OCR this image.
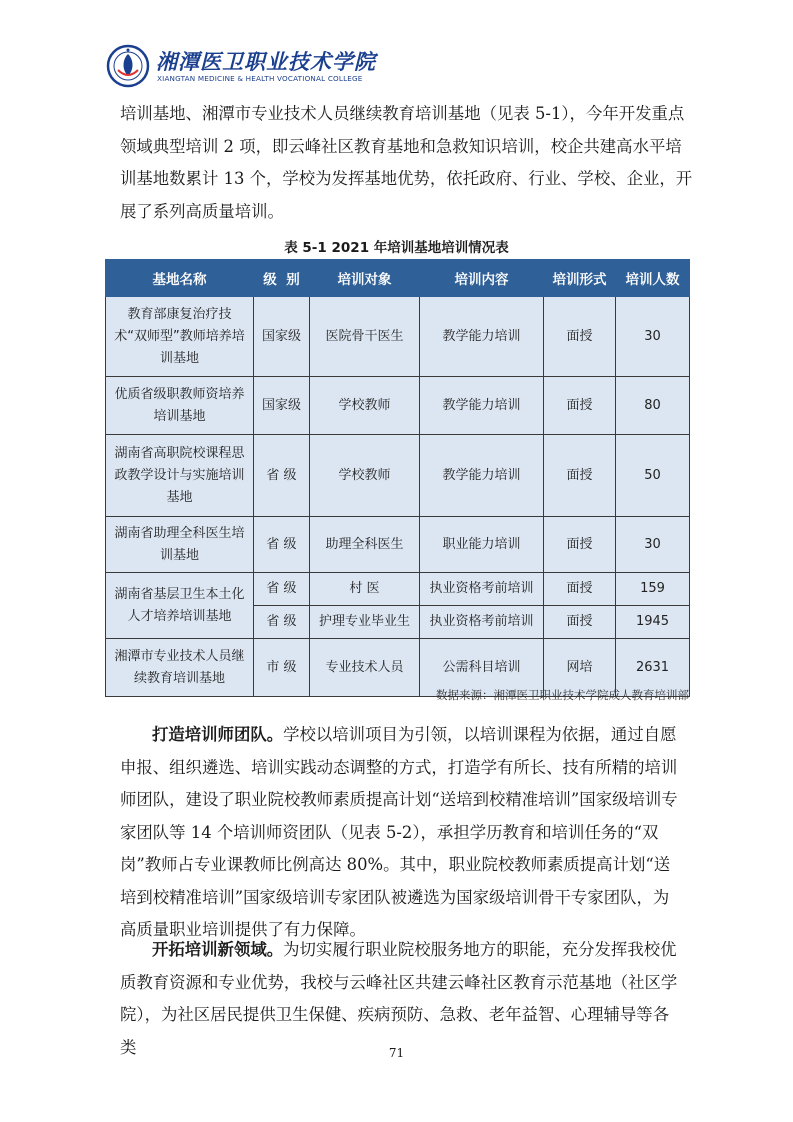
湘潭医卫职业技术学院
XIANGTAN MEDICINE & HEALTH VOCATIONAL COLLEGE

培训基地、湘潭市专业技术人员继续教育培训基地（见表 5-1），今年开发重点

领域典型培训 2 项，即云峰社区教育基地和急救知识培训，校企共建高水平培

训基地数累计 13 个，学校为发挥基地优势，依托政府、行业、学校、企业，开

展了系列高质量培训。

表 5-1 2021 年培训基地培训情况表
基地名称	级  别	培训对象	培训内容	培训形式	培训人数
教育部康复治疗技术“双师型”教师培养培训基地	国家级	医院骨干医生	教学能力培训	面授	30
优质省级职教师资培养培训基地	国家级	学校教师	教学能力培训	面授	80
湖南省高职院校课程思政教学设计与实施培训基地	省 级	学校教师	教学能力培训	面授	50
湖南省助理全科医生培训基地	省 级	助理全科医生	职业能力培训	面授	30
湖南省基层卫生本土化人才培养培训基地	省 级	村 医	执业资格考前培训	面授	159
	省 级	护理专业毕业生	执业资格考前培训	面授	1945
湘潭市专业技术人员继续教育培训基地	市 级	专业技术人员	公需科目培训	网培	2631
数据来源：湘潭医卫职业技术学院成人教育培训部

打造培训师团队。学校以培训项目为引领，以培训课程为依据，通过自愿申报、组织遴选、培训实践动态调整的方式，打造学有所长、技有所精的培训师团队，建设了职业院校教师素质提高计划“送培到校精准培训”国家级培训专家团队等 14 个培训师资团队（见表 5-2），承担学历教育和培训任务的“双岗”教师占专业课教师比例高达 80%。其中，职业院校教师素质提高计划“送培到校精准培训”国家级培训专家团队被遴选为国家级培训骨干专家团队，为高质量职业培训提供了有力保障。

开拓培训新领域。为切实履行职业院校服务地方的职能，充分发挥我校优质教育资源和专业优势，我校与云峰社区共建云峰社区教育示范基地（社区学院），为社区居民提供卫生保健、疾病预防、急救、老年益智、心理辅导等各类	71
